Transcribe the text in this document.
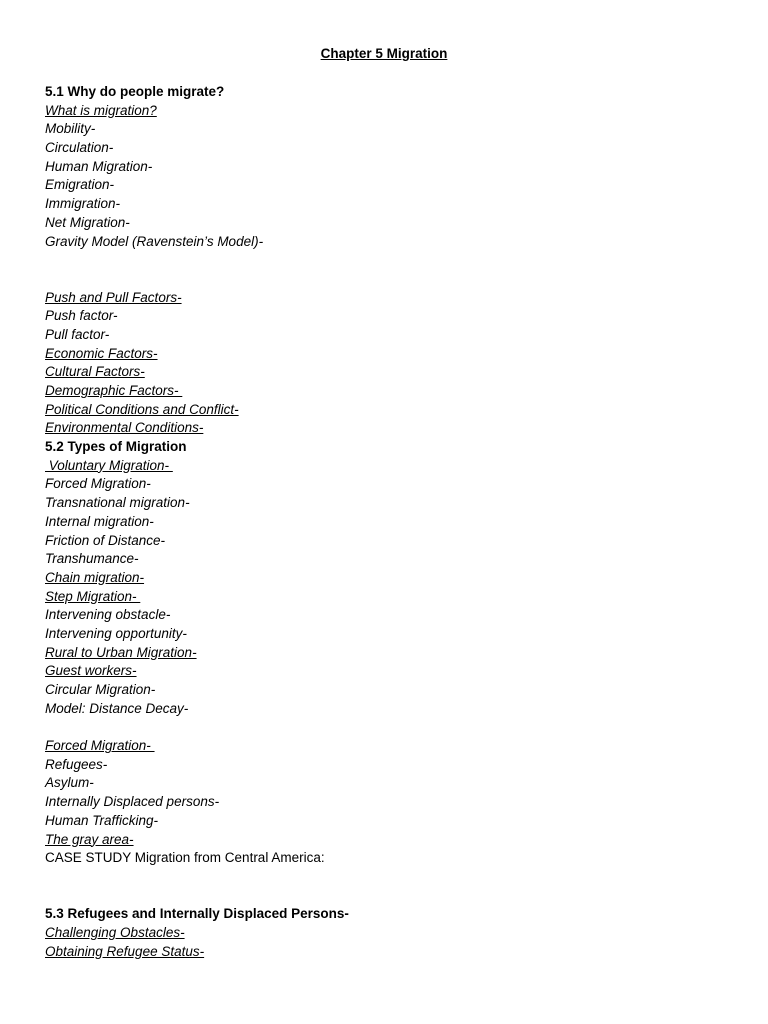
Chapter 5 Migration
5.1 Why do people migrate?
What is migration?
Mobility-
Circulation-
Human Migration-
Emigration-
Immigration-
Net Migration-
Gravity Model (Ravenstein’s Model)-
Push and Pull Factors-
Push factor-
Pull factor-
Economic Factors-
Cultural Factors-
Demographic Factors-
Political Conditions and Conflict-
Environmental Conditions-
5.2 Types of Migration
Voluntary Migration-
Forced Migration-
Transnational migration-
Internal migration-
Friction of Distance-
Transhumance-
Chain migration-
Step Migration-
Intervening obstacle-
Intervening opportunity-
Rural to Urban Migration-
Guest workers-
Circular Migration-
Model: Distance Decay-
Forced Migration-
Refugees-
Asylum-
Internally Displaced persons-
Human Trafficking-
The gray area-
CASE STUDY Migration from Central America:
5.3 Refugees and Internally Displaced Persons-
Challenging Obstacles-
Obtaining Refugee Status-
